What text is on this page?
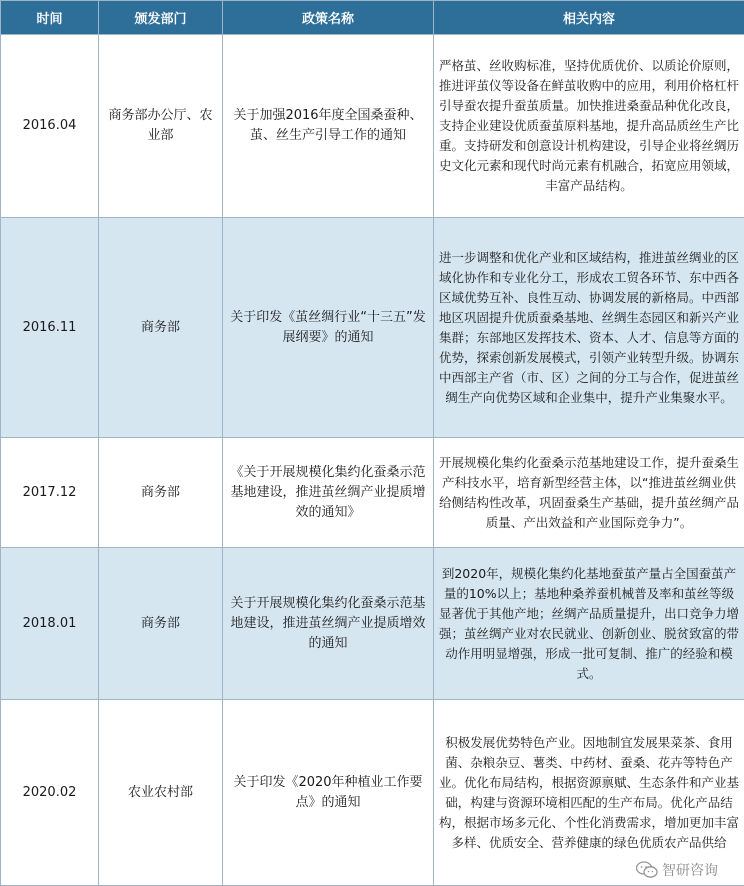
时间	颁发部门	政策名称	相关内容
2016.04	商务部办公厅、农业部	关于加强2016年度全国桑蚕种、茧、丝生产引导工作的通知	严格茧、丝收购标准，坚持优质优价、以质论价原则，推进评茧仪等设备在鲜茧收购中的应用，利用价格杠杆引导蚕农提升蚕茧质量。加快推进桑蚕品种优化改良，支持企业建设优质蚕茧原料基地，提升高品质丝生产比重。支持研发和创意设计机构建设，引导企业将丝绸历史文化元素和现代时尚元素有机融合，拓宽应用领域，丰富产品结构。
2016.11	商务部	关于印发《茧丝绸行业“十三五”发展纲要》的通知	进一步调整和优化产业和区域结构，推进茧丝绸业的区域化协作和专业化分工，形成农工贸各环节、东中西各区域优势互补、良性互动、协调发展的新格局。中西部地区巩固提升优质蚕桑基地、丝绸生态园区和新兴产业集群；东部地区发挥技术、资本、人才、信息等方面的优势，探索创新发展模式，引领产业转型升级。协调东中西部主产省（市、区）之间的分工与合作，促进茧丝绸生产向优势区域和企业集中，提升产业集聚水平。
2017.12	商务部	《关于开展规模化集约化蚕桑示范基地建设，推进茧丝绸产业提质增效的通知》	开展规模化集约化蚕桑示范基地建设工作，提升蚕桑生产科技水平，培育新型经营主体，以“推进茧丝绸业供给侧结构性改革，巩固蚕桑生产基础，提升茧丝绸产品质量、产出效益和产业国际竞争力”。
2018.01	商务部	关于开展规模化集约化蚕桑示范基地建设，推进茧丝绸产业提质增效的通知	到2020年，规模化集约化基地蚕茧产量占全国蚕茧产量的10%以上；基地种桑养蚕机械普及率和茧丝等级显著优于其他产地；丝绸产品质量提升，出口竞争力增强；茧丝绸产业对农民就业、创新创业、脱贫致富的带动作用明显增强，形成一批可复制、推广的经验和模式。
2020.02	农业农村部	关于印发《2020年种植业工作要点》的通知	积极发展优势特色产业。因地制宜发展果菜茶、食用菌、杂粮杂豆、薯类、中药材、蚕桑、花卉等特色产业。优化布局结构，根据资源禀赋、生态条件和产业基础，构建与资源环境相匹配的生产布局。优化产品结构，根据市场多元化、个性化消费需求，增加更加丰富多样、优质安全、营养健康的绿色优质农产品供给
智研咨询
